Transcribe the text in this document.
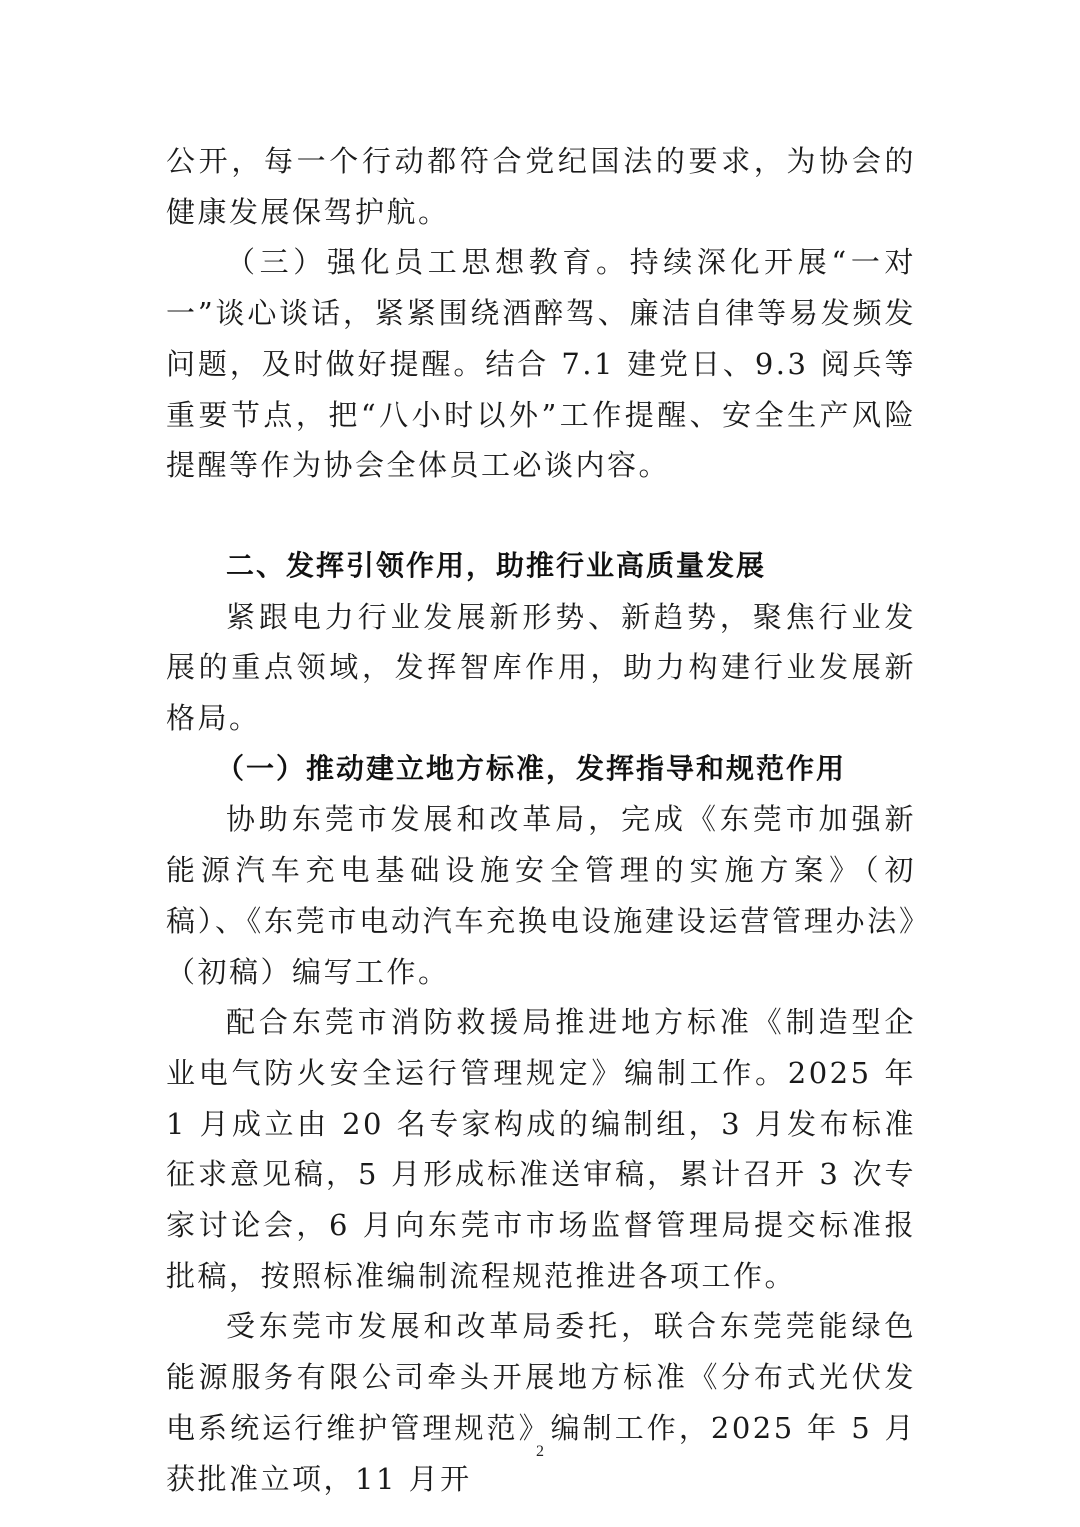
公开，每一个行动都符合党纪国法的要求，为协会的健康发展保驾护航。

（三）强化员工思想教育。持续深化开展“一对一”谈心谈话，紧紧围绕酒醉驾、廉洁自律等易发频发问题，及时做好提醒。结合 7.1 建党日、9.3 阅兵等重要节点，把“八小时以外”工作提醒、安全生产风险提醒等作为协会全体员工必谈内容。

二、发挥引领作用，助推行业高质量发展

紧跟电力行业发展新形势、新趋势，聚焦行业发展的重点领域，发挥智库作用，助力构建行业发展新格局。

（一）推动建立地方标准，发挥指导和规范作用

协助东莞市发展和改革局，完成《东莞市加强新能源汽车充电基础设施安全管理的实施方案》（初稿）、《东莞市电动汽车充换电设施建设运营管理办法》（初稿）编写工作。

配合东莞市消防救援局推进地方标准《制造型企业电气防火安全运行管理规定》编制工作。2025 年 1 月成立由 20 名专家构成的编制组，3 月发布标准征求意见稿，5 月形成标准送审稿，累计召开 3 次专家讨论会，6 月向东莞市市场监督管理局提交标准报批稿，按照标准编制流程规范推进各项工作。

受东莞市发展和改革局委托，联合东莞莞能绿色能源服务有限公司牵头开展地方标准《分布式光伏发电系统运行维护管理规范》编制工作，2025 年 5 月获批准立项，11 月开

2
